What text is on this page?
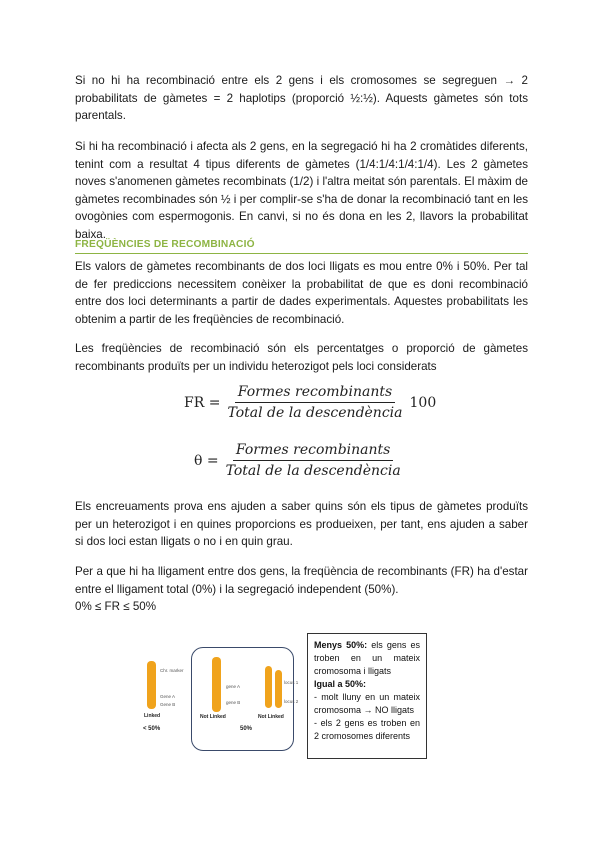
Si no hi ha recombinació entre els 2 gens i els cromosomes se segreguen → 2 probabilitats de gàmetes = 2 haplotips (proporció ½:½). Aquests gàmetes són tots parentals.

Si hi ha recombinació i afecta als 2 gens, en la segregació hi ha 2 cromàtides diferents, tenint com a resultat 4 tipus diferents de gàmetes (1/4:1/4:1/4:1/4). Les 2 gàmetes noves s'anomenen gàmetes recombinats (1/2) i l'altra meitat són parentals. El màxim de gàmetes recombinades són ½ i per complir-se s'ha de donar la recombinació tant en les ovogònies com espermogonis. En canvi, si no és dona en les 2, llavors la probabilitat baixa.

FREQÜÈNCIES DE RECOMBINACIÓ

Els valors de gàmetes recombinants de dos loci lligats es mou entre 0% i 50%. Per tal de fer prediccions necessitem conèixer la probabilitat de que es doni recombinació entre dos loci determinants a partir de dades experimentals. Aquestes probabilitats les obtenim a partir de les freqüències de recombinació.

Les freqüències de recombinació són els percentatges o proporció de gàmetes recombinants produïts per un individu heterozigot pels loci considerats

FR = $\frac{\text{Formes recombinants}}{\text{Total de la descendència}} 100$
$\theta = \frac{\text{Formes recombinants}}{\text{Total de la descendència}}$

Els encreuaments prova ens ajuden a saber quins són els tipus de gàmetes produïts per un heterozigot i en quines proporcions es produeixen, per tant, ens ajuden a saber si dos loci estan lligats o no i en quin grau.

Per a que hi ha lligament entre dos gens, la freqüència de recombinants (FR) ha d'estar entre el lligament total (0%) i la segregació independent (50%).

0% ≤ FR ≤ 50%

Chr. marker
Gene A
Gene B
Linked
gene A
gene B
Not Linked
locus 1
locus 2
Not Linked
< 50%	50%

Menys 50%: els gens es troben en un mateix cromosoma i lligats

Igual a 50%:

- molt lluny en un mateix cromosoma → NO lligats

- els 2 gens es troben en 2 cromosomes diferents
